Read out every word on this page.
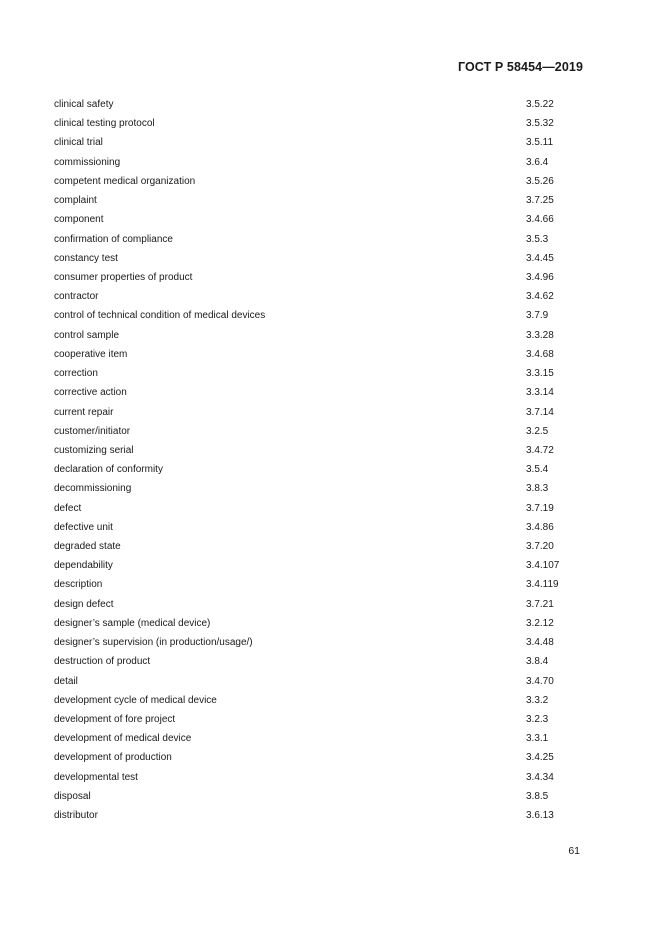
ГОСТ Р 58454—2019
clinical safety	3.5.22
clinical testing protocol	3.5.32
clinical trial	3.5.11
commissioning	3.6.4
competent medical organization	3.5.26
complaint	3.7.25
component	3.4.66
confirmation of compliance	3.5.3
constancy test	3.4.45
consumer properties of product	3.4.96
contractor	3.4.62
control of technical condition of medical devices	3.7.9
control sample	3.3.28
cooperative item	3.4.68
correction	3.3.15
corrective action	3.3.14
current repair	3.7.14
customer/initiator	3.2.5
customizing serial	3.4.72
declaration of conformity	3.5.4
decommissioning	3.8.3
defect	3.7.19
defective unit	3.4.86
degraded state	3.7.20
dependability	3.4.107
description	3.4.119
design defect	3.7.21
designer’s sample (medical device)	3.2.12
designer’s supervision (in production/usage/)	3.4.48
destruction of product	3.8.4
detail	3.4.70
development cycle of medical device	3.3.2
development of fore project	3.2.3
development of medical device	3.3.1
development of production	3.4.25
developmental test	3.4.34
disposal	3.8.5
distributor	3.6.13
61
